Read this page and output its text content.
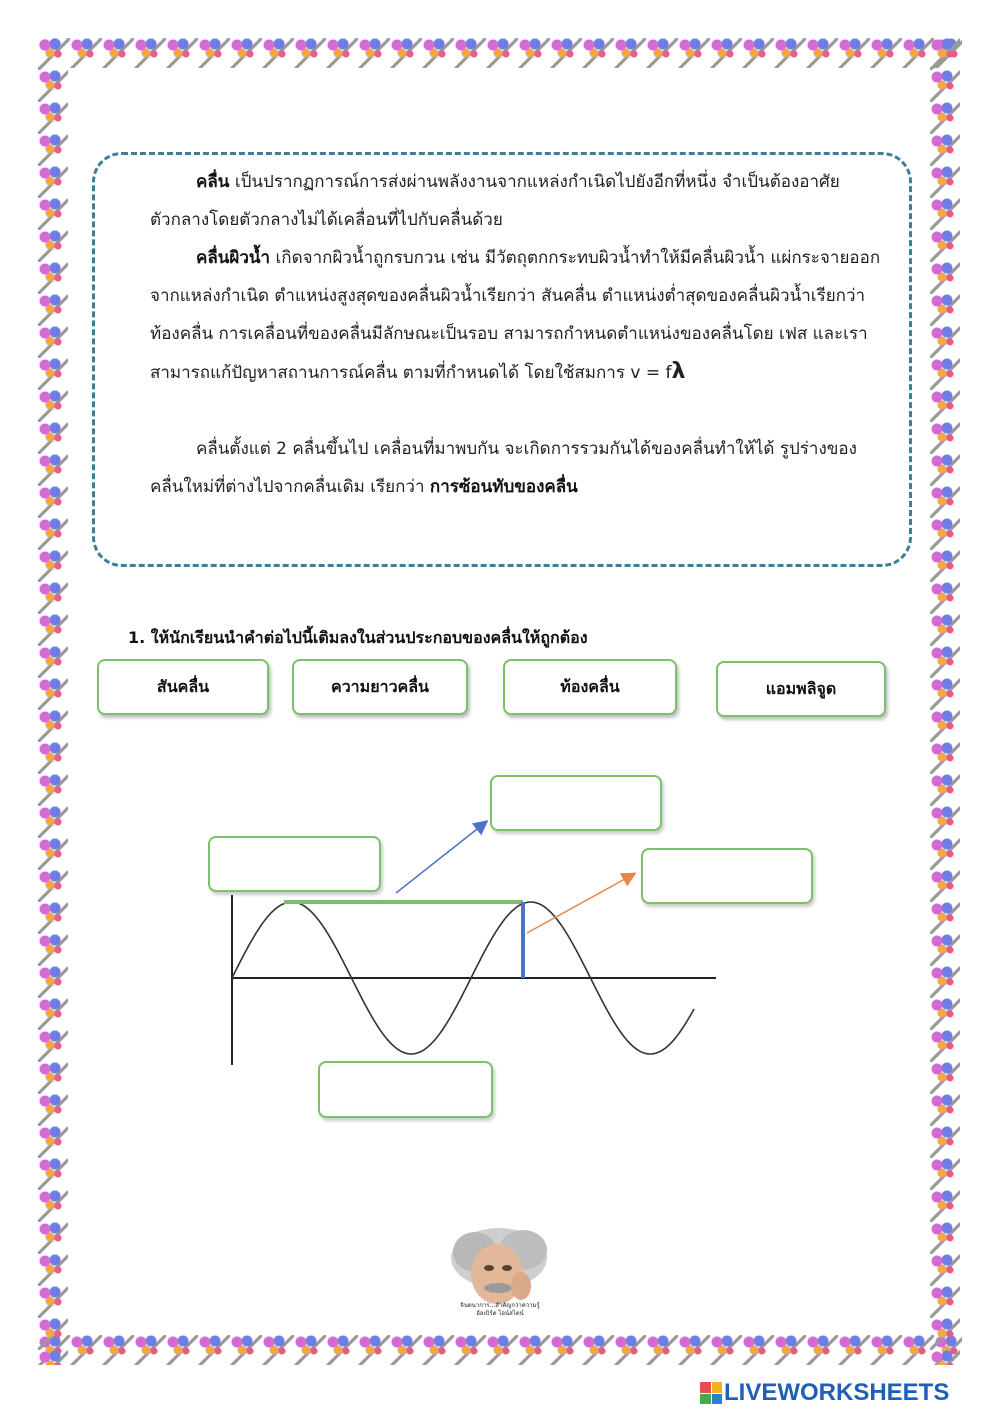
คลื่น เป็นปรากฏการณ์การส่งผ่านพลังงานจากแหล่งกำเนิดไปยังอีกที่หนึ่ง จำเป็นต้องอาศัยตัวกลางโดยตัวกลางไม่ได้เคลื่อนที่ไปกับคลื่นด้วย
คลื่นผิวน้ำ เกิดจากผิวน้ำถูกรบกวน เช่น มีวัตถุตกกระทบผิวน้ำทำให้มีคลื่นผิวน้ำ แผ่กระจายออกจากแหล่งกำเนิด ตำแหน่งสูงสุดของคลื่นผิวน้ำเรียกว่า สันคลื่น ตำแหน่งต่ำสุดของคลื่นผิวน้ำเรียกว่า ท้องคลื่น การเคลื่อนที่ของคลื่นมีลักษณะเป็นรอบ สามารถกำหนดตำแหน่งของคลื่นโดย เฟส และเราสามารถแก้ปัญหาสถานการณ์คลื่น ตามที่กำหนดได้ โดยใช้สมการ v = fλ
คลื่นตั้งแต่ 2 คลื่นขึ้นไป เคลื่อนที่มาพบกัน จะเกิดการรวมกันได้ของคลื่นทำให้ได้ รูปร่างของคลื่นใหม่ที่ต่างไปจากคลื่นเดิม เรียกว่า การซ้อนทับของคลื่น
1. ให้นักเรียนนำคำต่อไปนี้เติมลงในส่วนประกอบของคลื่นให้ถูกต้อง
สันคลื่น	ความยาวคลื่น	ท้องคลื่น	แอมพลิจูด
จินตนาการ...สำคัญกว่าความรู้
อัลเบิร์ต ไอน์สไตน์
LIVEWORKSHEETS
